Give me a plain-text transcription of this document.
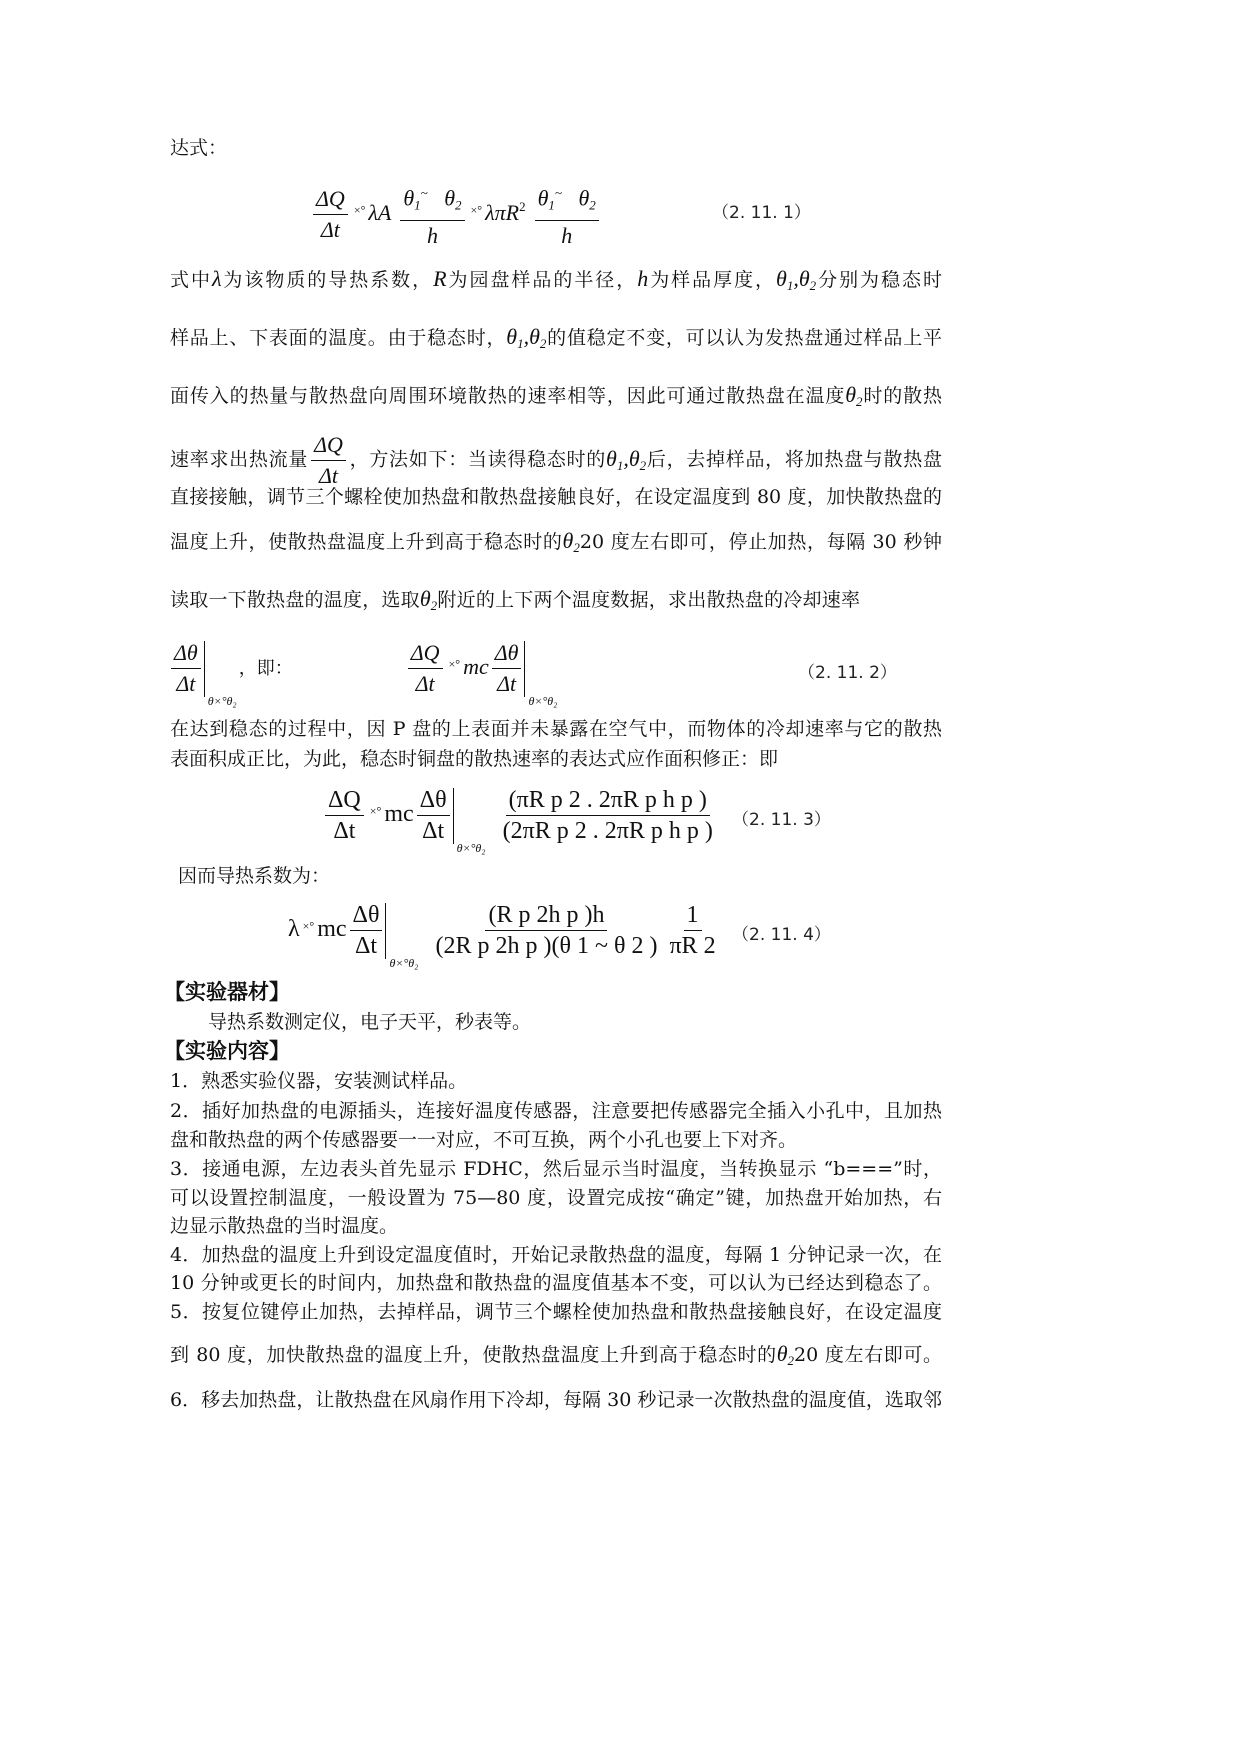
达式：
$\frac{\Delta Q}{\Delta t} ^{\times^\circ}$ λA $\frac{\theta_1^\sim \theta_2}{h} ^{\times^\circ}$ $\lambda\pi R^2 \frac{\theta_1^\sim \theta_2}{h}$	（2. 11. 1）
式中λ为该物质的导热系数，R为园盘样品的半径，h为样品厚度，$\theta_1,\theta_2$分别为稳态时
样品上、下表面的温度。由于稳态时，$\theta_1,\theta_2$的值稳定不变，可以认为发热盘通过样品上平
面传入的热量与散热盘向周围环境散热的速率相等，因此可通过散热盘在温度$\theta_2$时的散热
速率求出热流量 $\frac{\Delta Q}{\Delta t}$ ，方法如下：当读得稳态时的$\theta_1,\theta_2$后，去掉样品，将加热盘与散热盘
直接接触，调节三个螺栓使加热盘和散热盘接触良好，在设定温度到 80 度，加快散热盘的
温度上升，使散热盘温度上升到高于稳态时的$\theta_220$ 度左右即可，停止加热，每隔 30 秒钟
读取一下散热盘的温度，选取$\theta_2$附近的上下两个温度数据，求出散热盘的冷却速率
$\frac{\Delta\theta}{\Delta t}$
θ×°θ₂
，即：	$\frac{\Delta Q}{\Delta t} ^{\times^\circ}$ mc $\frac{\Delta\theta}{\Delta t}$
θ×°θ₂
（2. 11. 2）
在达到稳态的过程中，因 P 盘的上表面并未暴露在空气中，而物体的冷却速率与它的散热
表面积成正比，为此，稳态时铜盘的散热速率的表达式应作面积修正：即
$\frac{\Delta Q}{\Delta t} ^{\times^\circ}$ mc $\frac{\Delta\theta}{\Delta t}$
θ×°θ₂

$\frac{\text{(πR p 2 . 2πR p h p )}}{\text{(2πR p 2 . 2πR p h p )}} (2$. 11. 3）
因而导热系数为：
λ ×° mc $\frac{\Delta\theta}{\Delta t}$
θ×°θ₂

$\frac{\text{(R p 2h p )h}}{\text{(2R p 2h p )(θ 1 \textasciitilde{} θ 2 )}} \frac{1}{\pi R 2} (2$. 11. 4）
【实验器材】
导热系数测定仪，电子天平，秒表等。
【实验内容】
1．熟悉实验仪器，安装测试样品。
2．插好加热盘的电源插头，连接好温度传感器，注意要把传感器完全插入小孔中，且加热
盘和散热盘的两个传感器要一一对应，不可互换，两个小孔也要上下对齐。
3．接通电源，左边表头首先显示 FDHC，然后显示当时温度，当转换显示 “b===”时，
可以设置控制温度，一般设置为 75—80 度，设置完成按“确定”键，加热盘开始加热，右
边显示散热盘的当时温度。
4．加热盘的温度上升到设定温度值时，开始记录散热盘的温度，每隔 1 分钟记录一次，在
10 分钟或更长的时间内，加热盘和散热盘的温度值基本不变，可以认为已经达到稳态了。
5．按复位键停止加热，去掉样品，调节三个螺栓使加热盘和散热盘接触良好，在设定温度
到 80 度，加快散热盘的温度上升，使散热盘温度上升到高于稳态时的$\theta_220$ 度左右即可。
6．移去加热盘，让散热盘在风扇作用下冷却，每隔 30 秒记录一次散热盘的温度值，选取邻
